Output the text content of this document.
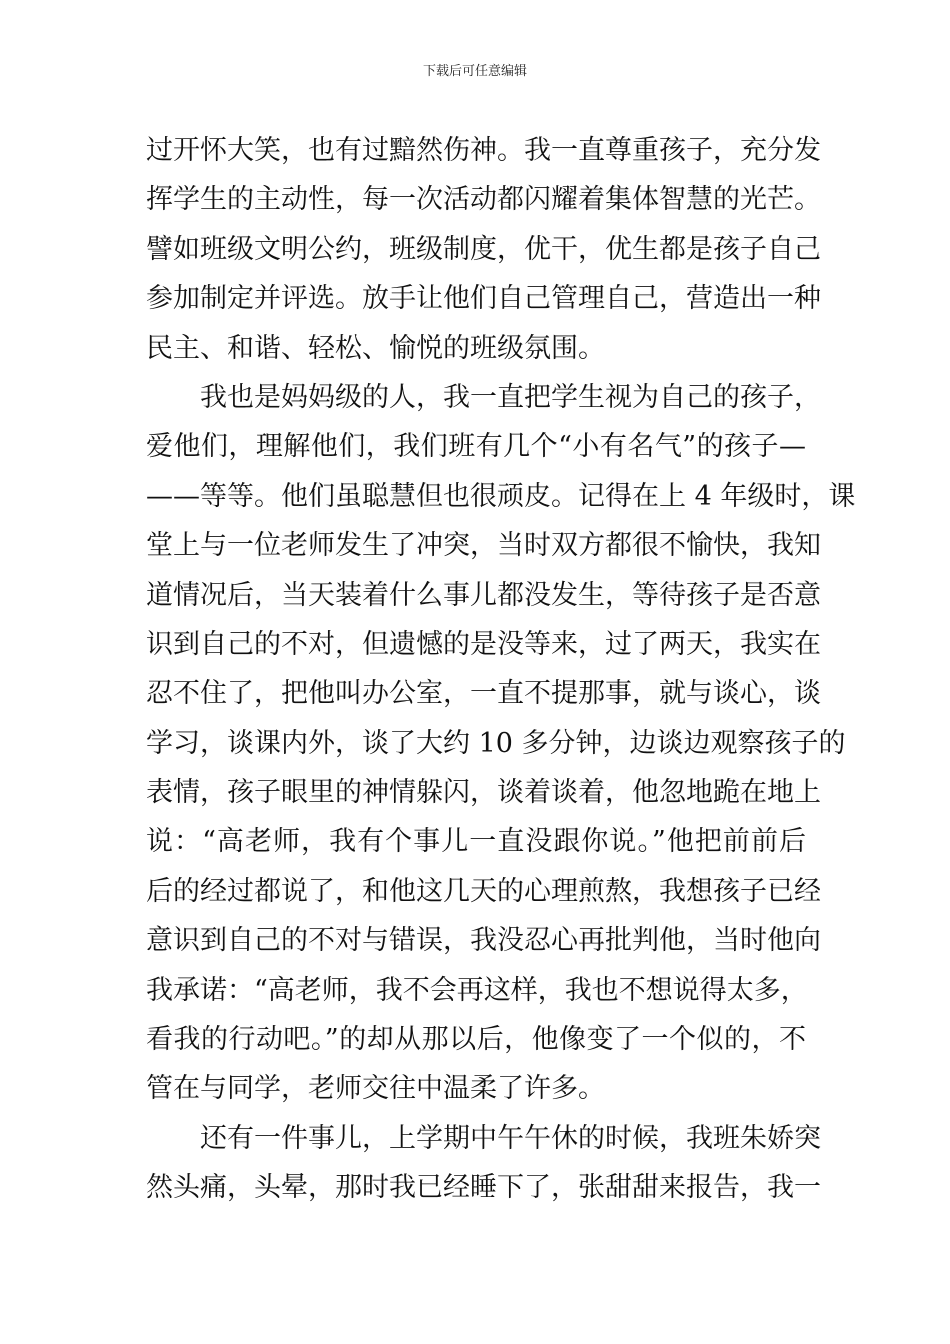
下载后可任意编辑
过开怀大笑，也有过黯然伤神。我一直尊重孩子，充分发
挥学生的主动性，每一次活动都闪耀着集体智慧的光芒。
譬如班级文明公约，班级制度，优干，优生都是孩子自己
参加制定并评选。放手让他们自己管理自己，营造出一种
民主、和谐、轻松、愉悦的班级氛围。
我也是妈妈级的人，我一直把学生视为自己的孩子，
爱他们，理解他们，我们班有几个“小有名气”的孩子—
——等等。他们虽聪慧但也很顽皮。记得在上 4 年级时，课
堂上与一位老师发生了冲突，当时双方都很不愉快，我知
道情况后，当天装着什么事儿都没发生，等待孩子是否意
识到自己的不对，但遗憾的是没等来，过了两天，我实在
忍不住了，把他叫办公室，一直不提那事，就与谈心，谈
学习，谈课内外，谈了大约 10 多分钟，边谈边观察孩子的
表情，孩子眼里的神情躲闪，谈着谈着，他忽地跪在地上
说：“高老师，我有个事儿一直没跟你说。”他把前前后
后的经过都说了，和他这几天的心理煎熬，我想孩子已经
意识到自己的不对与错误，我没忍心再批判他，当时他向
我承诺：“高老师，我不会再这样，我也不想说得太多，
看我的行动吧。”的却从那以后，他像变了一个似的，不
管在与同学，老师交往中温柔了许多。
还有一件事儿，上学期中午午休的时候，我班朱娇突
然头痛，头晕，那时我已经睡下了，张甜甜来报告，我一
